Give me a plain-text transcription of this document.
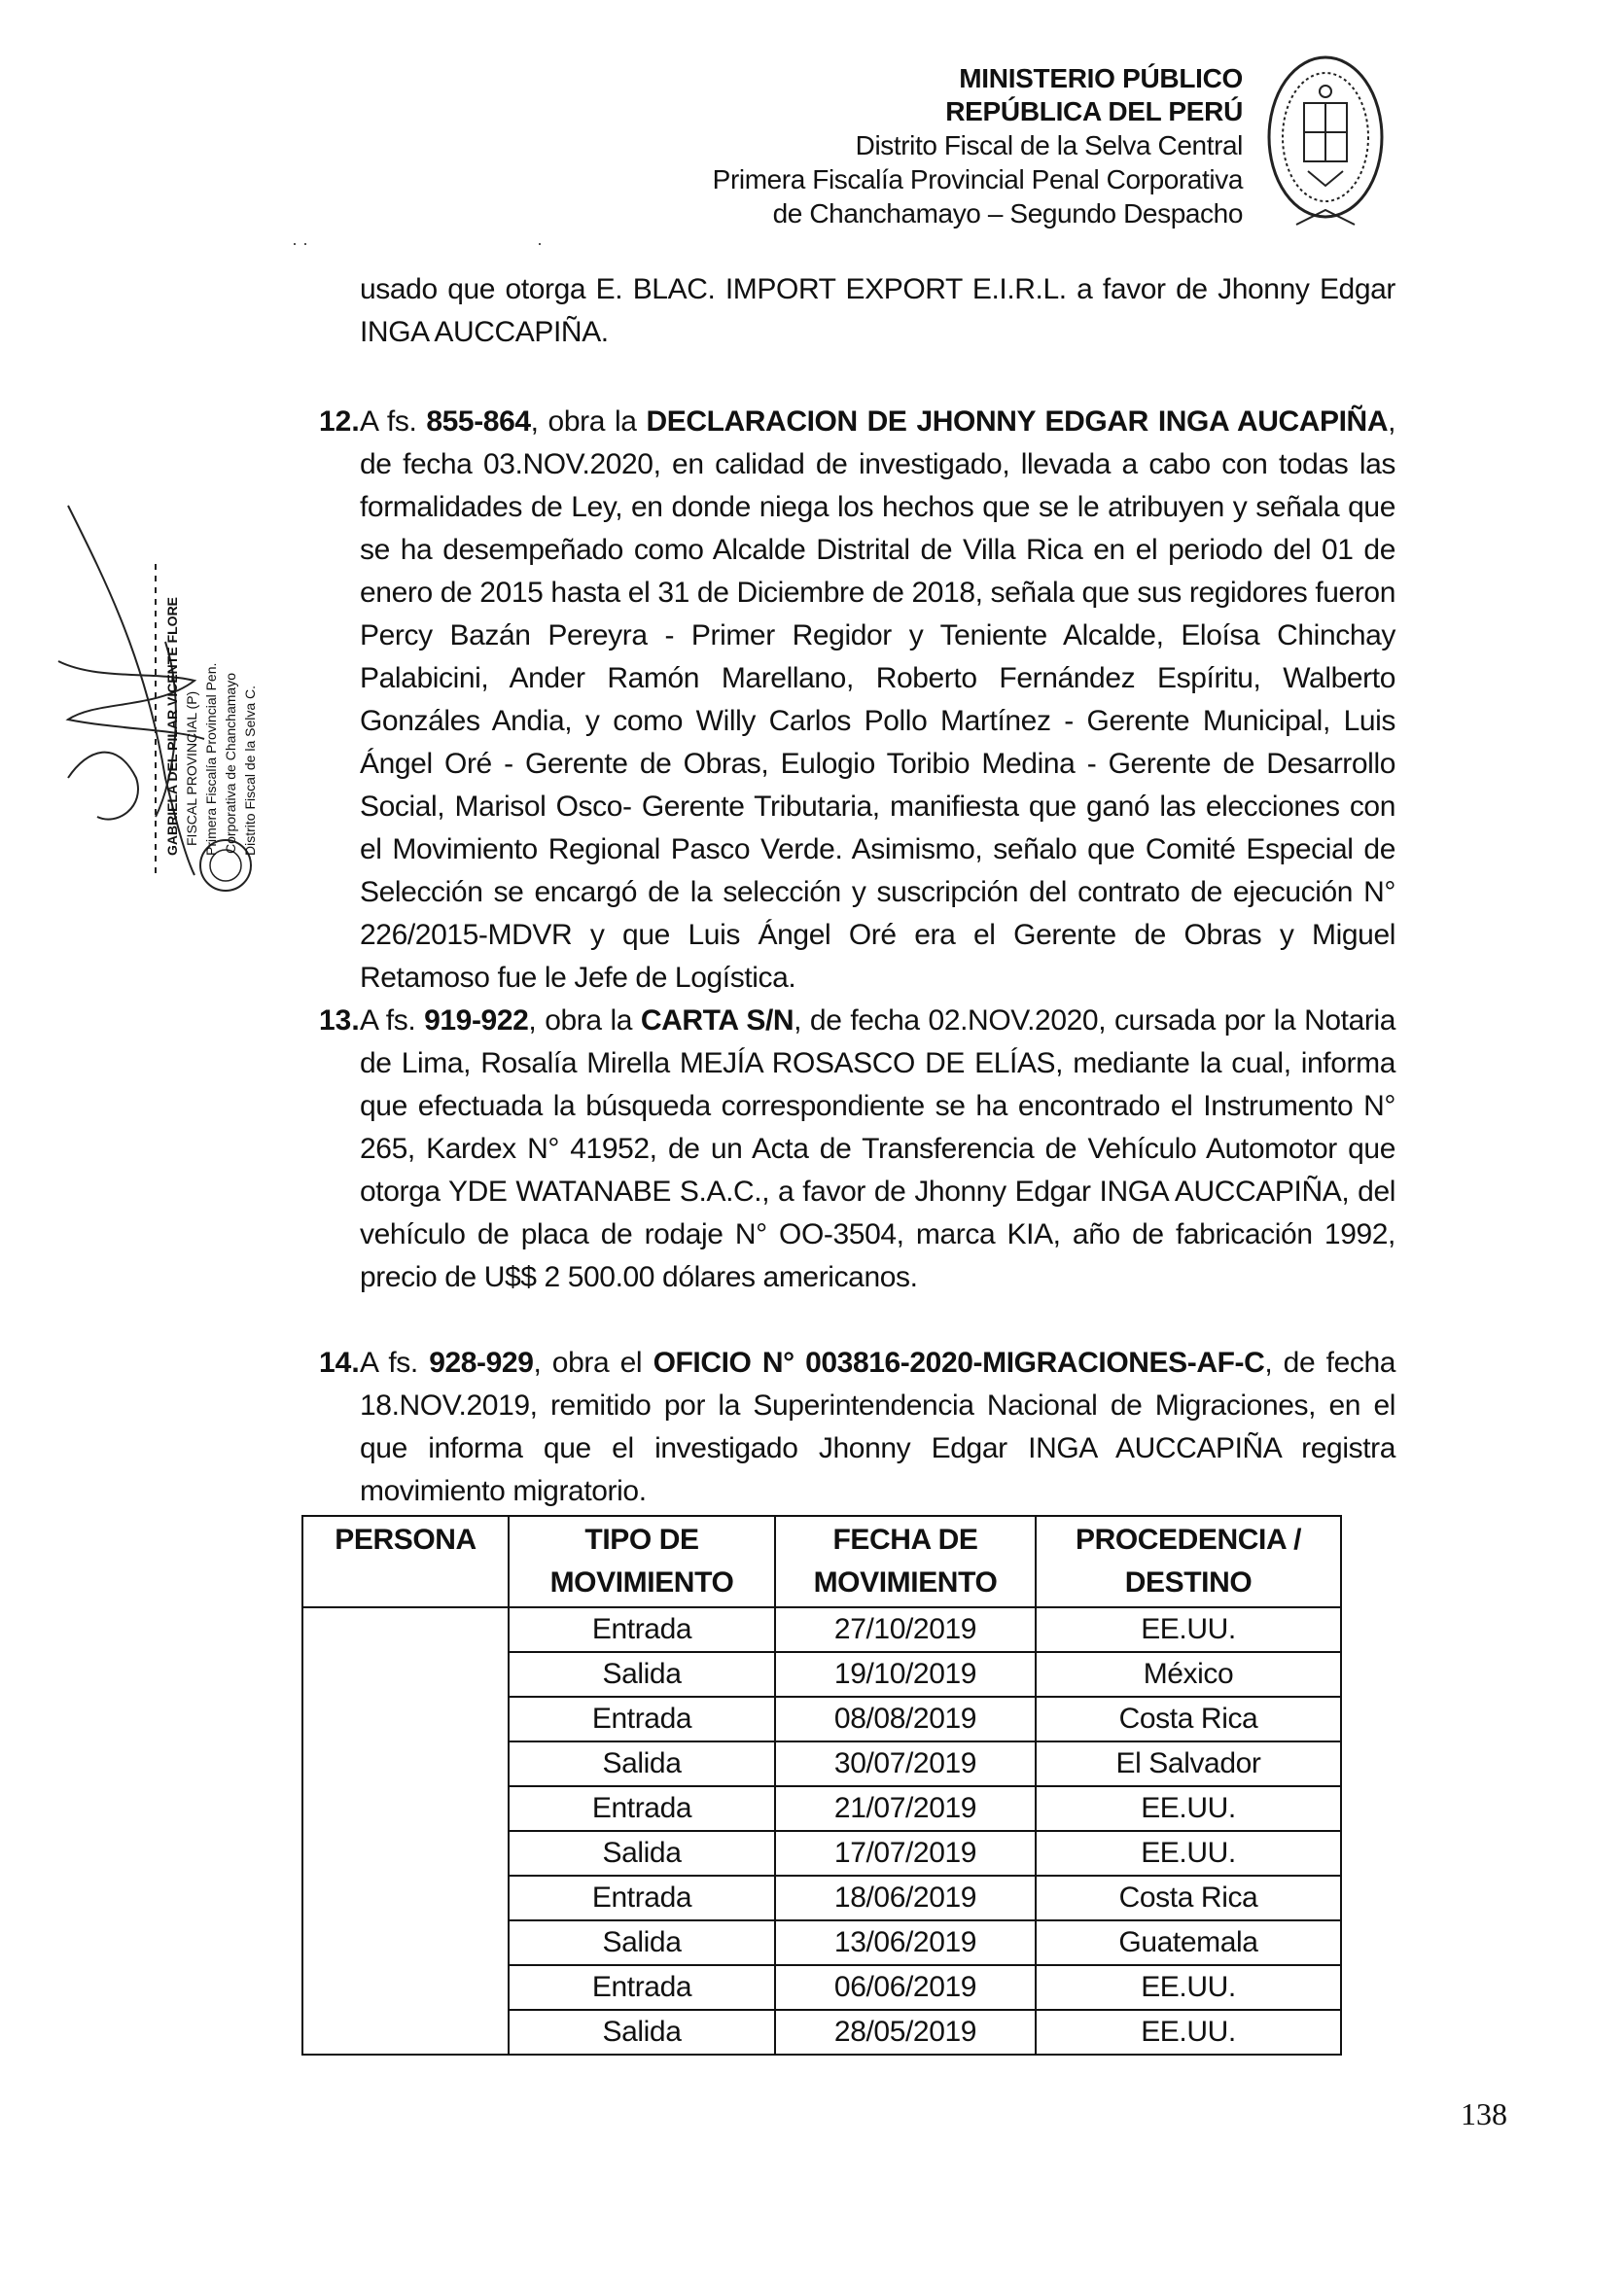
MINISTERIO PÚBLICO
REPÚBLICA DEL PERÚ
Distrito Fiscal de la Selva Central
Primera Fiscalía Provincial Penal Corporativa
de Chanchamayo – Segundo Despacho
· ·	·
usado que otorga E. BLAC. IMPORT EXPORT E.I.R.L. a favor de Jhonny Edgar INGA AUCCAPIÑA.
12. A fs. 855-864, obra la DECLARACION DE JHONNY EDGAR INGA AUCAPIÑA, de fecha 03.NOV.2020, en calidad de investigado, llevada a cabo con todas las formalidades de Ley, en donde niega los hechos que se le atribuyen y señala que se ha desempeñado como Alcalde Distrital de Villa Rica en el periodo del 01 de enero de 2015 hasta el 31 de Diciembre de 2018, señala que sus regidores fueron Percy Bazán Pereyra - Primer Regidor y Teniente Alcalde, Eloísa Chinchay Palabicini, Ander Ramón Marellano, Roberto Fernández Espíritu, Walberto Gonzáles Andia, y como Willy Carlos Pollo Martínez - Gerente Municipal, Luis Ángel Oré - Gerente de Obras, Eulogio Toribio Medina - Gerente de Desarrollo Social, Marisol Osco- Gerente Tributaria, manifiesta que ganó las elecciones con el Movimiento Regional Pasco Verde. Asimismo, señalo que Comité Especial de Selección se encargó de la selección y suscripción del contrato de ejecución N° 226/2015-MDVR y que Luis Ángel Oré era el Gerente de Obras y Miguel Retamoso fue le Jefe de Logística.
13. A fs. 919-922, obra la CARTA S/N, de fecha 02.NOV.2020, cursada por la Notaria de Lima, Rosalía Mirella MEJÍA ROSASCO DE ELÍAS, mediante la cual, informa que efectuada la búsqueda correspondiente se ha encontrado el Instrumento N° 265, Kardex N° 41952, de un Acta de Transferencia de Vehículo Automotor que otorga YDE WATANABE S.A.C., a favor de Jhonny Edgar INGA AUCCAPIÑA, del vehículo de placa de rodaje N° OO-3504, marca KIA, año de fabricación 1992, precio de U$$ 2 500.00 dólares americanos.
14. A fs. 928-929, obra el OFICIO N° 003816-2020-MIGRACIONES-AF-C, de fecha 18.NOV.2019, remitido por la Superintendencia Nacional de Migraciones, en el que informa que el investigado Jhonny Edgar INGA AUCCAPIÑA registra movimiento migratorio.
PERSONA	TIPO DE MOVIMIENTO	FECHA DE MOVIMIENTO	PROCEDENCIA / DESTINO
	Entrada	27/10/2019	EE.UU.
	Salida	19/10/2019	México
	Entrada	08/08/2019	Costa Rica
	Salida	30/07/2019	El Salvador
	Entrada	21/07/2019	EE.UU.
	Salida	17/07/2019	EE.UU.
	Entrada	18/06/2019	Costa Rica
	Salida	13/06/2019	Guatemala
	Entrada	06/06/2019	EE.UU.
	Salida	28/05/2019	EE.UU.
GABRIELA DEL PILAR VICENTE FLORE FISCAL PROVINCIAL (P) Primera Fiscalía Provincial Pen. Corporativa de Chanchamayo Distrito Fiscal de la Selva C.
138
